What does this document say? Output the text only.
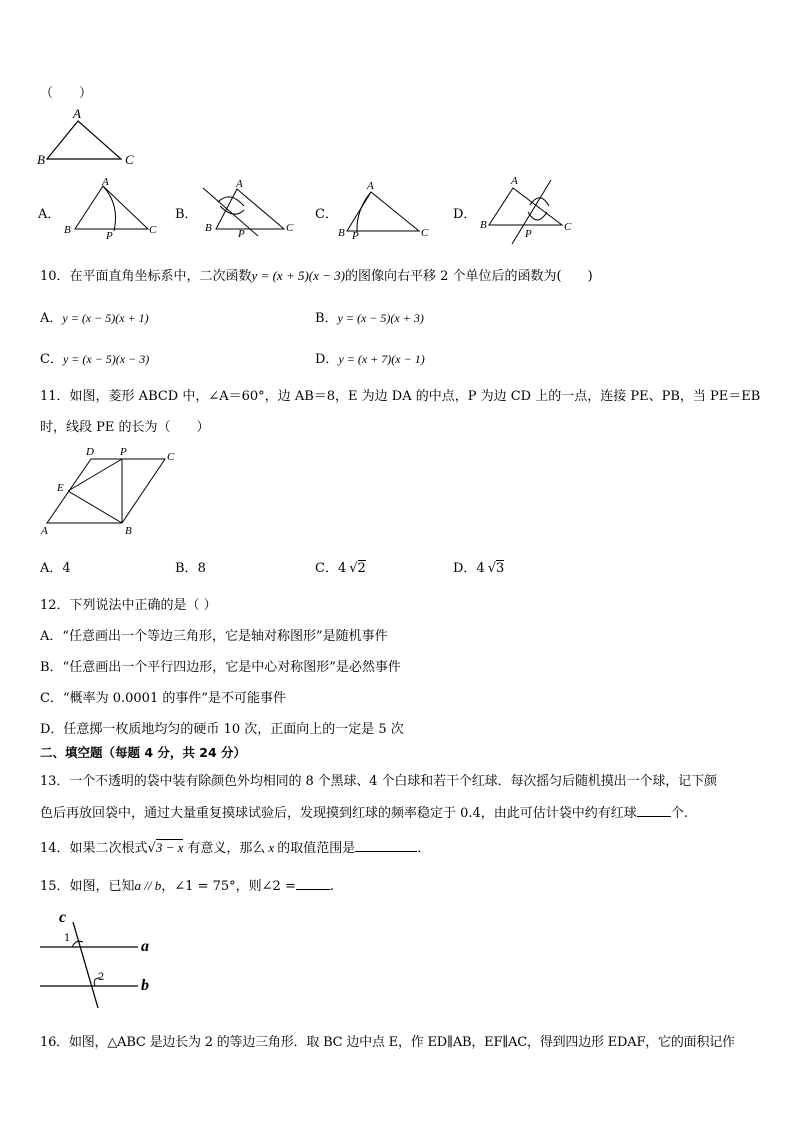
（　　）
A
B	C
A．
A
B	C
P
B．
A
B	C
P
C．
A
B	C
P
D．
A
B	C
P
10．在平面直角坐标系中，二次函数y = (x + 5)(x − 3)的图像向右平移 2 个单位后的函数为(　　)
A．y = (x − 5)(x + 1)	B．y = (x − 5)(x + 3)
C．y = (x − 5)(x − 3)	D．y = (x + 7)(x − 1)
11．如图，菱形 ABCD 中，∠A＝60°，边 AB＝8，E 为边 DA 的中点，P 为边 CD 上的一点，连接 PE、PB，当 PE＝EB
时，线段 PE 的长为（　　）
D P	C
E
A	B
A．4	B．8	C．4 √2	D．4 √3
12．下列说法中正确的是（ ）
A．“任意画出一个等边三角形，它是轴对称图形”是随机事件
B．“任意画出一个平行四边形，它是中心对称图形”是必然事件
C．“概率为 0.0001 的事件”是不可能事件
D．任意掷一枚质地均匀的硬币 10 次，正面向上的一定是 5 次
二、填空题（每题 4 分，共 24 分）
13．一个不透明的袋中装有除颜色外均相同的 8 个黑球、4 个白球和若干个红球．每次摇匀后随机摸出一个球，记下颜
色后再放回袋中，通过大量重复摸球试验后，发现摸到红球的频率稳定于 0.4，由此可估计袋中约有红球	个.
14．如果二次根式√3 − x 有意义，那么 x 的取值范围是	．
15．如图，已知a // b，∠1 = 75°，则∠2 =	.
c
1	a
2 b
16．如图，△ABC 是边长为 2 的等边三角形．取 BC 边中点 E，作 ED∥AB，EF∥AC，得到四边形 EDAF，它的面积记作
